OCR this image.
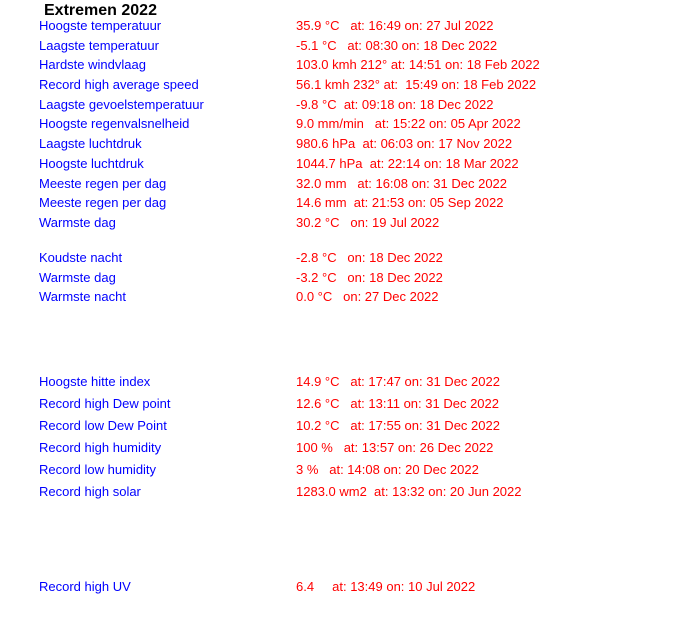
Extremen 2022
Hoogste temperatuur	35.9 °C   at: 16:49 on: 27 Jul 2022
Laagste temperatuur	-5.1 °C   at: 08:30 on: 18 Dec 2022
Hardste windvlaag	103.0 kmh 212° at: 14:51 on: 18 Feb 2022
Record high average speed	56.1 kmh 232° at:  15:49 on: 18 Feb 2022
Laagste gevoelstemperatuur	-9.8 °C  at: 09:18 on: 18 Dec 2022
Hoogste regenvalsnelheid	9.0 mm/min   at: 15:22 on: 05 Apr 2022
Laagste luchtdruk	980.6 hPa  at: 06:03 on: 17 Nov 2022
Hoogste luchtdruk	1044.7 hPa  at: 22:14 on: 18 Mar 2022
Meeste regen per dag	32.0 mm   at: 16:08 on: 31 Dec 2022
Meeste regen per dag	14.6 mm  at: 21:53 on: 05 Sep 2022
Warmste dag	30.2 °C   on: 19 Jul 2022
Koudste nacht	-2.8 °C   on: 18 Dec 2022
Warmste dag	-3.2 °C   on: 18 Dec 2022
Warmste nacht	0.0 °C   on: 27 Dec 2022
Hoogste hitte index	14.9 °C   at: 17:47 on: 31 Dec 2022
Record high Dew point	12.6 °C   at: 13:11 on: 31 Dec 2022
Record low Dew Point	10.2 °C   at: 17:55 on: 31 Dec 2022
Record high humidity	100 %   at: 13:57 on: 26 Dec 2022
Record low humidity	3 %   at: 14:08 on: 20 Dec 2022
Record high solar	1283.0 wm2  at: 13:32 on: 20 Jun 2022
Record high UV	6.4     at: 13:49 on: 10 Jul 2022
